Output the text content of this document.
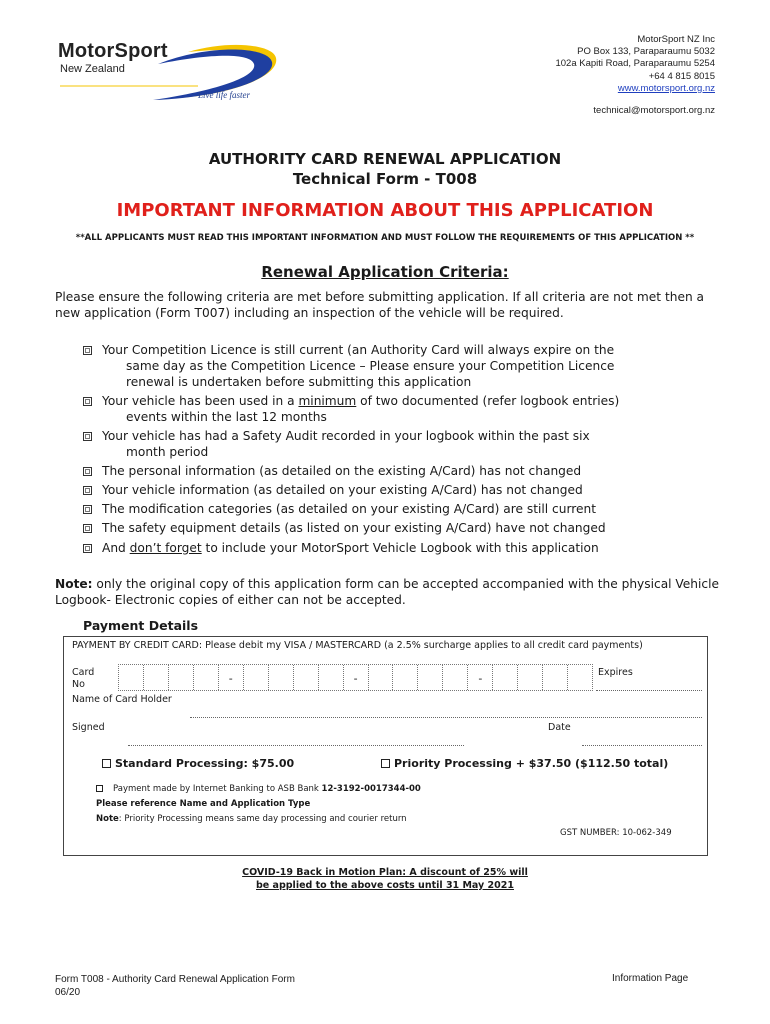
MotorSport
New Zealand
Live life faster
MotorSport NZ Inc
PO Box 133, Paraparaumu 5032
102a Kapiti Road, Paraparaumu 5254
+64 4 815 8015
www.motorsport.org.nz
technical@motorsport.org.nz
AUTHORITY CARD RENEWAL APPLICATION
Technical Form - T008
IMPORTANT INFORMATION ABOUT THIS APPLICATION
**ALL APPLICANTS MUST READ THIS IMPORTANT INFORMATION AND MUST FOLLOW THE REQUIREMENTS OF THIS APPLICATION **
Renewal Application Criteria:
Please ensure the following criteria are met before submitting application. If all criteria are not met then a new application (Form T007) including an inspection of the vehicle will be required.
Your Competition Licence is still current (an Authority Card will always expire on the
same day as the Competition Licence – Please ensure your Competition Licence
renewal is undertaken before submitting this application
Your vehicle has been used in a minimum of two documented (refer logbook entries)
events within the last 12 months
Your vehicle has had a Safety Audit recorded in your logbook within the past six
month period
The personal information (as detailed on the existing A/Card) has not changed
Your vehicle information (as detailed on your existing A/Card) has not changed
The modification categories (as detailed on your existing A/Card) are still current
The safety equipment details (as listed on your existing A/Card) have not changed
And don’t forget to include your MotorSport Vehicle Logbook with this application
Note: only the original copy of this application form can be accepted accompanied with the physical Vehicle Logbook- Electronic copies of either can not be accepted.
Payment Details
PAYMENT BY CREDIT CARD: Please debit my VISA / MASTERCARD (a 2.5% surcharge applies to all credit card payments)
Card
No	-	-	-	Expires
Name of Card Holder
Signed	Date
Standard Processing: $75.00	Priority Processing + $37.50 ($112.50 total)
Payment made by Internet Banking to ASB Bank 12-3192-0017344-00
Please reference Name and Application Type
Note: Priority Processing means same day processing and courier return
GST NUMBER: 10-062-349
COVID-19 Back in Motion Plan: A discount of 25% will
be applied to the above costs until 31 May 2021
Form T008 - Authority Card Renewal Application Form
06/20
Information Page
